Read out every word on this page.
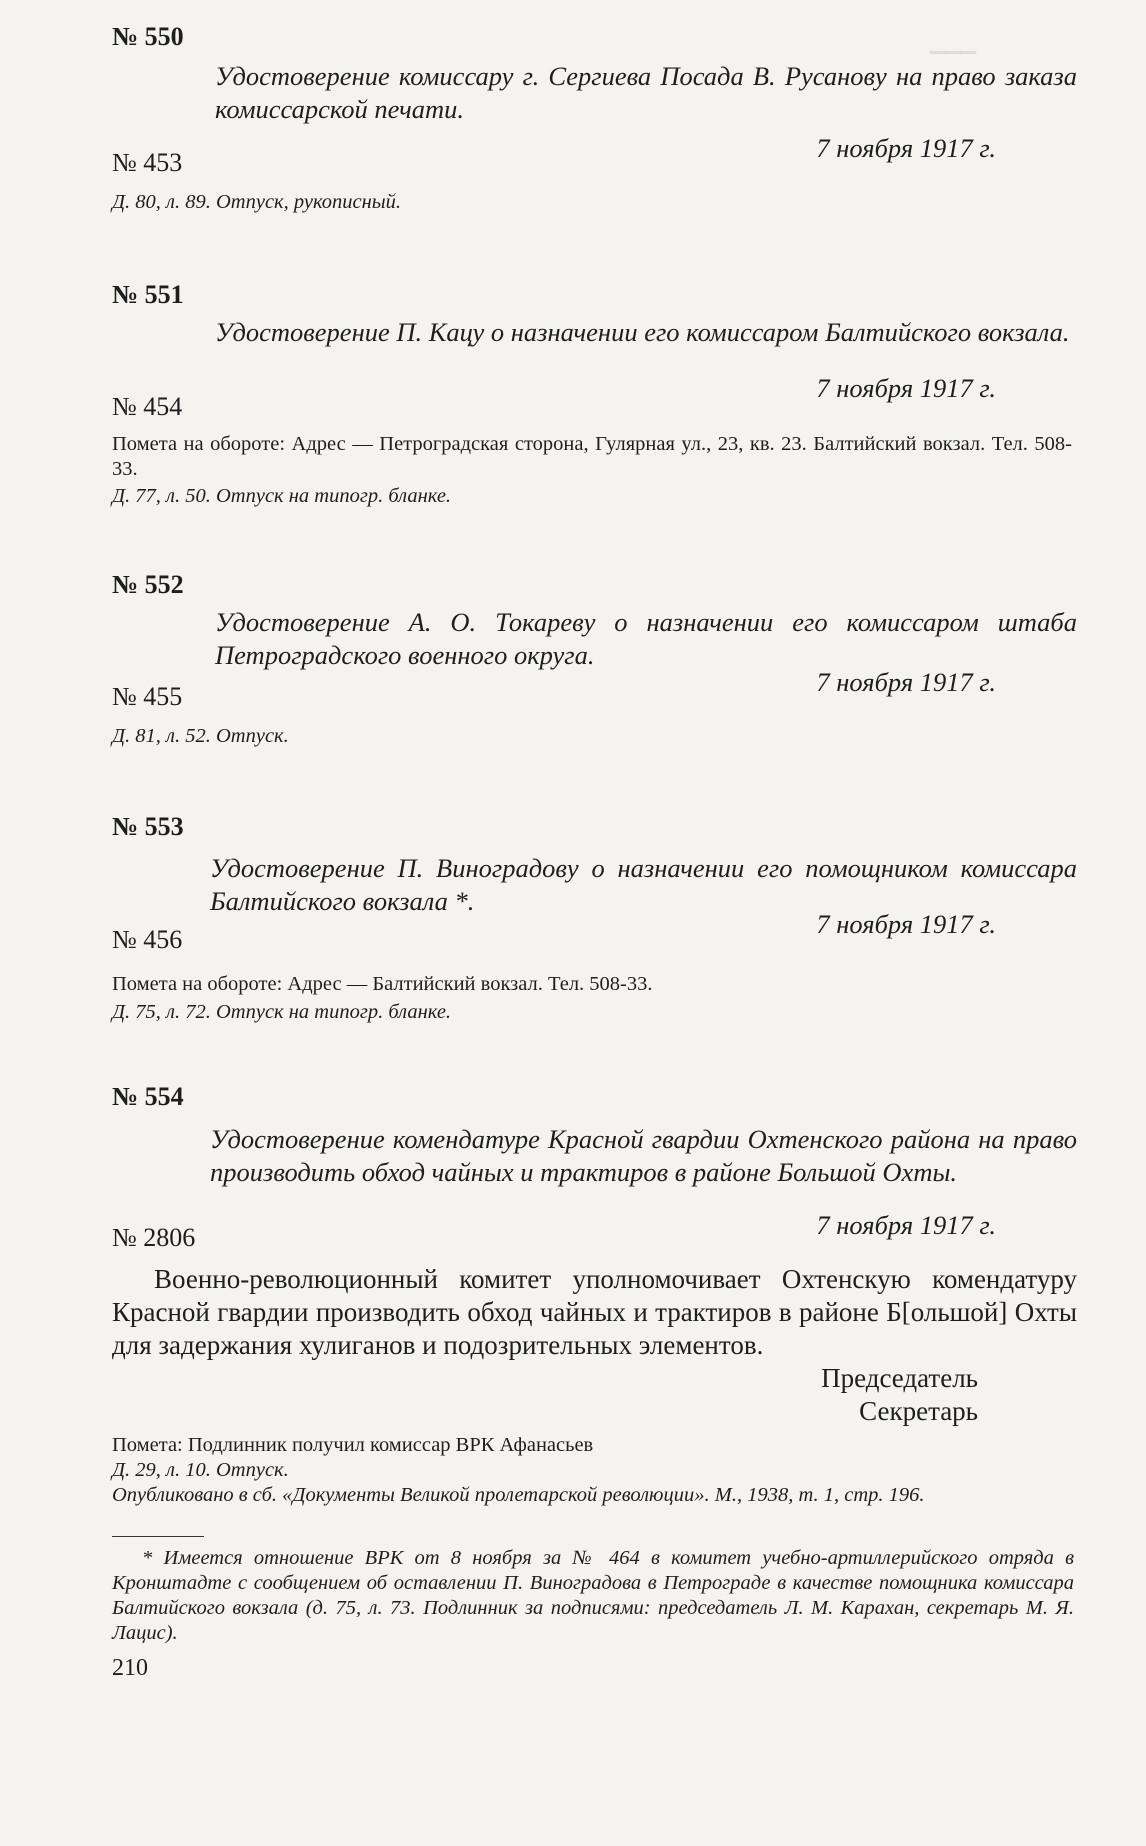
▁▁▁
№ 550
Удостоверение комиссару г. Сергиева Посада В. Русанову на право заказа комиссарской печати.
7 ноября 1917 г.
№ 453
Д. 80, л. 89. Отпуск, рукописный.
№ 551
Удостоверение П. Кацу о назначении его комиссаром Балтийского вокзала.
7 ноября 1917 г.
№ 454
Помета на обороте: Адрес — Петроградская сторона, Гулярная ул., 23, кв. 23. Балтийский вокзал. Тел. 508-33.
Д. 77, л. 50. Отпуск на типогр. бланке.
№ 552
Удостоверение А. О. Токареву о назначении его комиссаром штаба Петроградского военного округа.
7 ноября 1917 г.
№ 455
Д. 81, л. 52. Отпуск.
№ 553
Удостоверение П. Виноградову о назначении его помощником комиссара Балтийского вокзала *.
7 ноября 1917 г.
№ 456
Помета на обороте: Адрес — Балтийский вокзал. Тел. 508-33.
Д. 75, л. 72. Отпуск на типогр. бланке.
№ 554
Удостоверение комендатуре Красной гвардии Охтенского района на право производить обход чайных и трактиров в районе Большой Охты.
7 ноября 1917 г.
№ 2806
Военно-революционный комитет уполномочивает Охтенскую комендатуру Красной гвардии производить обход чайных и трактиров в районе Б[ольшой] Охты для задержания хулиганов и подозрительных элементов.
Председатель
Секретарь
Помета: Подлинник получил комиссар ВРК Афанасьев
Д. 29, л. 10. Отпуск.
Опубликовано в сб. «Документы Великой пролетарской революции». М., 1938, т. 1, стр. 196.
* Имеется отношение ВРК от 8 ноября за № 464 в комитет учебно-артиллерийского отряда в Кронштадте с сообщением об оставлении П. Виноградова в Петрограде в качестве помощника комиссара Балтийского вокзала (д. 75, л. 73. Подлинник за подписями: председатель Л. М. Карахан, секретарь М. Я. Лацис).
210
